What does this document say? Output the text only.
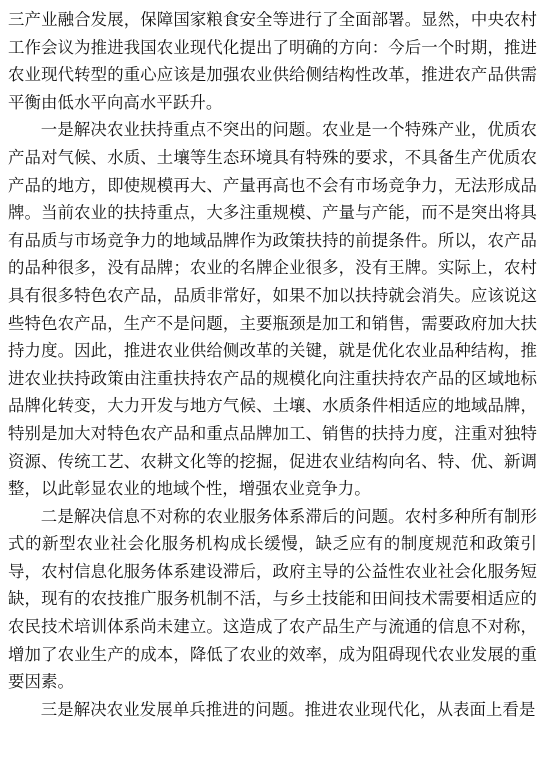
三产业融合发展，保障国家粮食安全等进行了全面部署。显然，中央农村工作会议为推进我国农业现代化提出了明确的方向：今后一个时期，推进农业现代转型的重心应该是加强农业供给侧结构性改革，推进农产品供需平衡由低水平向高水平跃升。

一是解决农业扶持重点不突出的问题。农业是一个特殊产业，优质农产品对气候、水质、土壤等生态环境具有特殊的要求，不具备生产优质农产品的地方，即使规模再大、产量再高也不会有市场竞争力，无法形成品牌。当前农业的扶持重点，大多注重规模、产量与产能，而不是突出将具有品质与市场竞争力的地域品牌作为政策扶持的前提条件。所以，农产品的品种很多，没有品牌；农业的名牌企业很多，没有王牌。实际上，农村具有很多特色农产品，品质非常好，如果不加以扶持就会消失。应该说这些特色农产品，生产不是问题，主要瓶颈是加工和销售，需要政府加大扶持力度。因此，推进农业供给侧改革的关键，就是优化农业品种结构，推进农业扶持政策由注重扶持农产品的规模化向注重扶持农产品的区域地标品牌化转变，大力开发与地方气候、土壤、水质条件相适应的地域品牌，特别是加大对特色农产品和重点品牌加工、销售的扶持力度，注重对独特资源、传统工艺、农耕文化等的挖掘，促进农业结构向名、特、优、新调整，以此彰显农业的地域个性，增强农业竞争力。

二是解决信息不对称的农业服务体系滞后的问题。农村多种所有制形式的新型农业社会化服务机构成长缓慢，缺乏应有的制度规范和政策引导，农村信息化服务体系建设滞后，政府主导的公益性农业社会化服务短缺，现有的农技推广服务机制不活，与乡土技能和田间技术需要相适应的农民技术培训体系尚未建立。这造成了农产品生产与流通的信息不对称，增加了农业生产的成本，降低了农业的效率，成为阻碍现代农业发展的重要因素。

三是解决农业发展单兵推进的问题。推进农业现代化，从表面上看是
